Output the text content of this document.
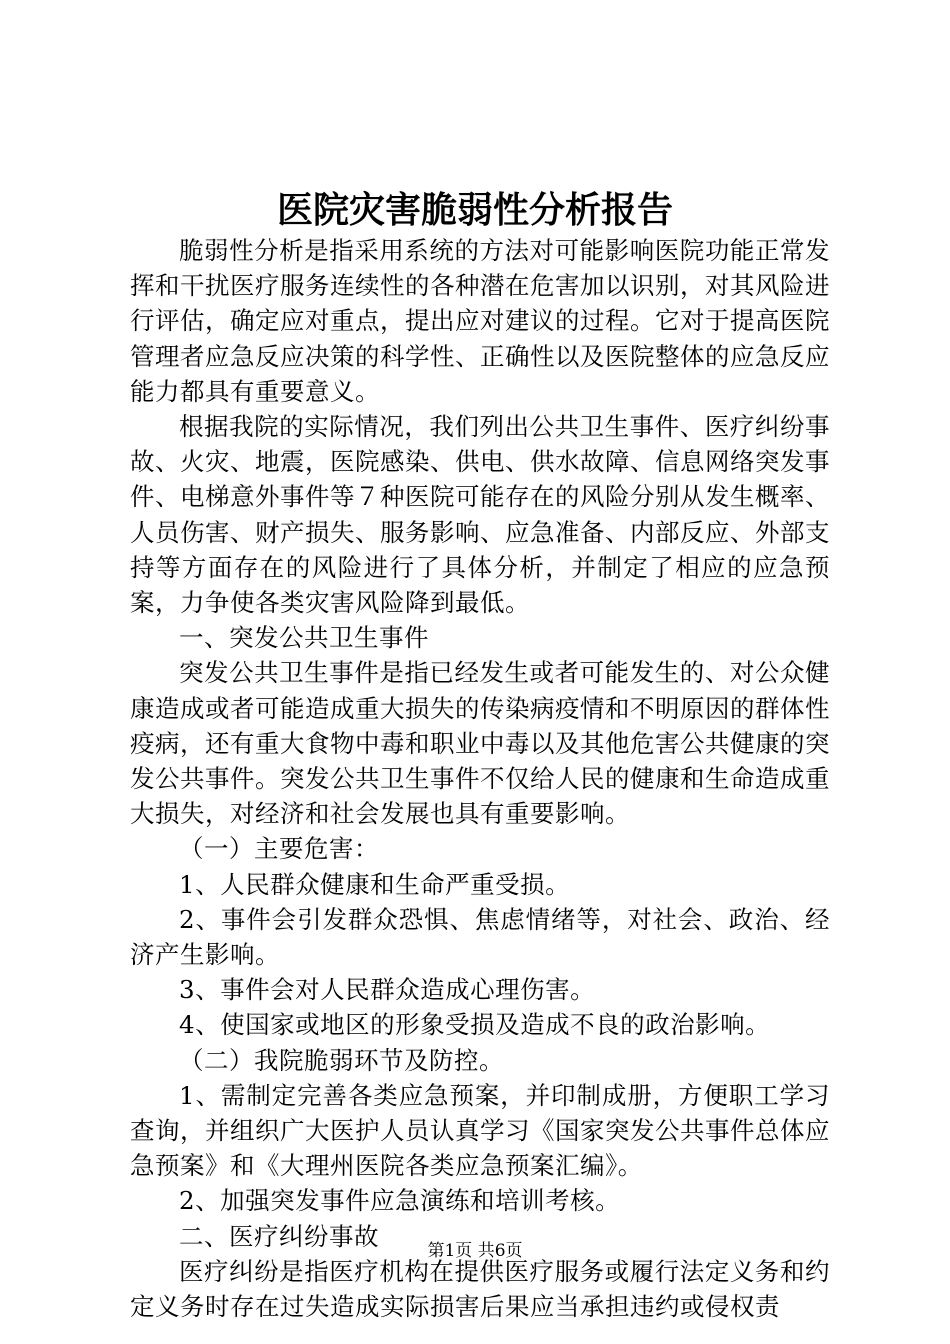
医院灾害脆弱性分析报告

脆弱性分析是指采用系统的方法对可能影响医院功能正常发挥和干扰医疗服务连续性的各种潜在危害加以识别，对其风险进行评估，确定应对重点，提出应对建议的过程。它对于提高医院管理者应急反应决策的科学性、正确性以及医院整体的应急反应能力都具有重要意义。

根据我院的实际情况，我们列出公共卫生事件、医疗纠纷事故、火灾、地震，医院感染、供电、供水故障、信息网络突发事件、电梯意外事件等７种医院可能存在的风险分别从发生概率、人员伤害、财产损失、服务影响、应急准备、内部反应、外部支持等方面存在的风险进行了具体分析，并制定了相应的应急预案，力争使各类灾害风险降到最低。

一、突发公共卫生事件

突发公共卫生事件是指已经发生或者可能发生的、对公众健康造成或者可能造成重大损失的传染病疫情和不明原因的群体性疫病，还有重大食物中毒和职业中毒以及其他危害公共健康的突发公共事件。突发公共卫生事件不仅给人民的健康和生命造成重大损失，对经济和社会发展也具有重要影响。

（一）主要危害：

1、人民群众健康和生命严重受损。

2、事件会引发群众恐惧、焦虑情绪等，对社会、政治、经济产生影响。

3、事件会对人民群众造成心理伤害。

4、使国家或地区的形象受损及造成不良的政治影响。

（二）我院脆弱环节及防控。

1、需制定完善各类应急预案，并印制成册，方便职工学习查询，并组织广大医护人员认真学习《国家突发公共事件总体应急预案》和《大理州医院各类应急预案汇编》。

2、加强突发事件应急演练和培训考核。

二、医疗纠纷事故

医疗纠纷是指医疗机构在提供医疗服务或履行法定义务和约定义务时存在过失造成实际损害后果应当承担违约或侵权责

第1页 共6页
